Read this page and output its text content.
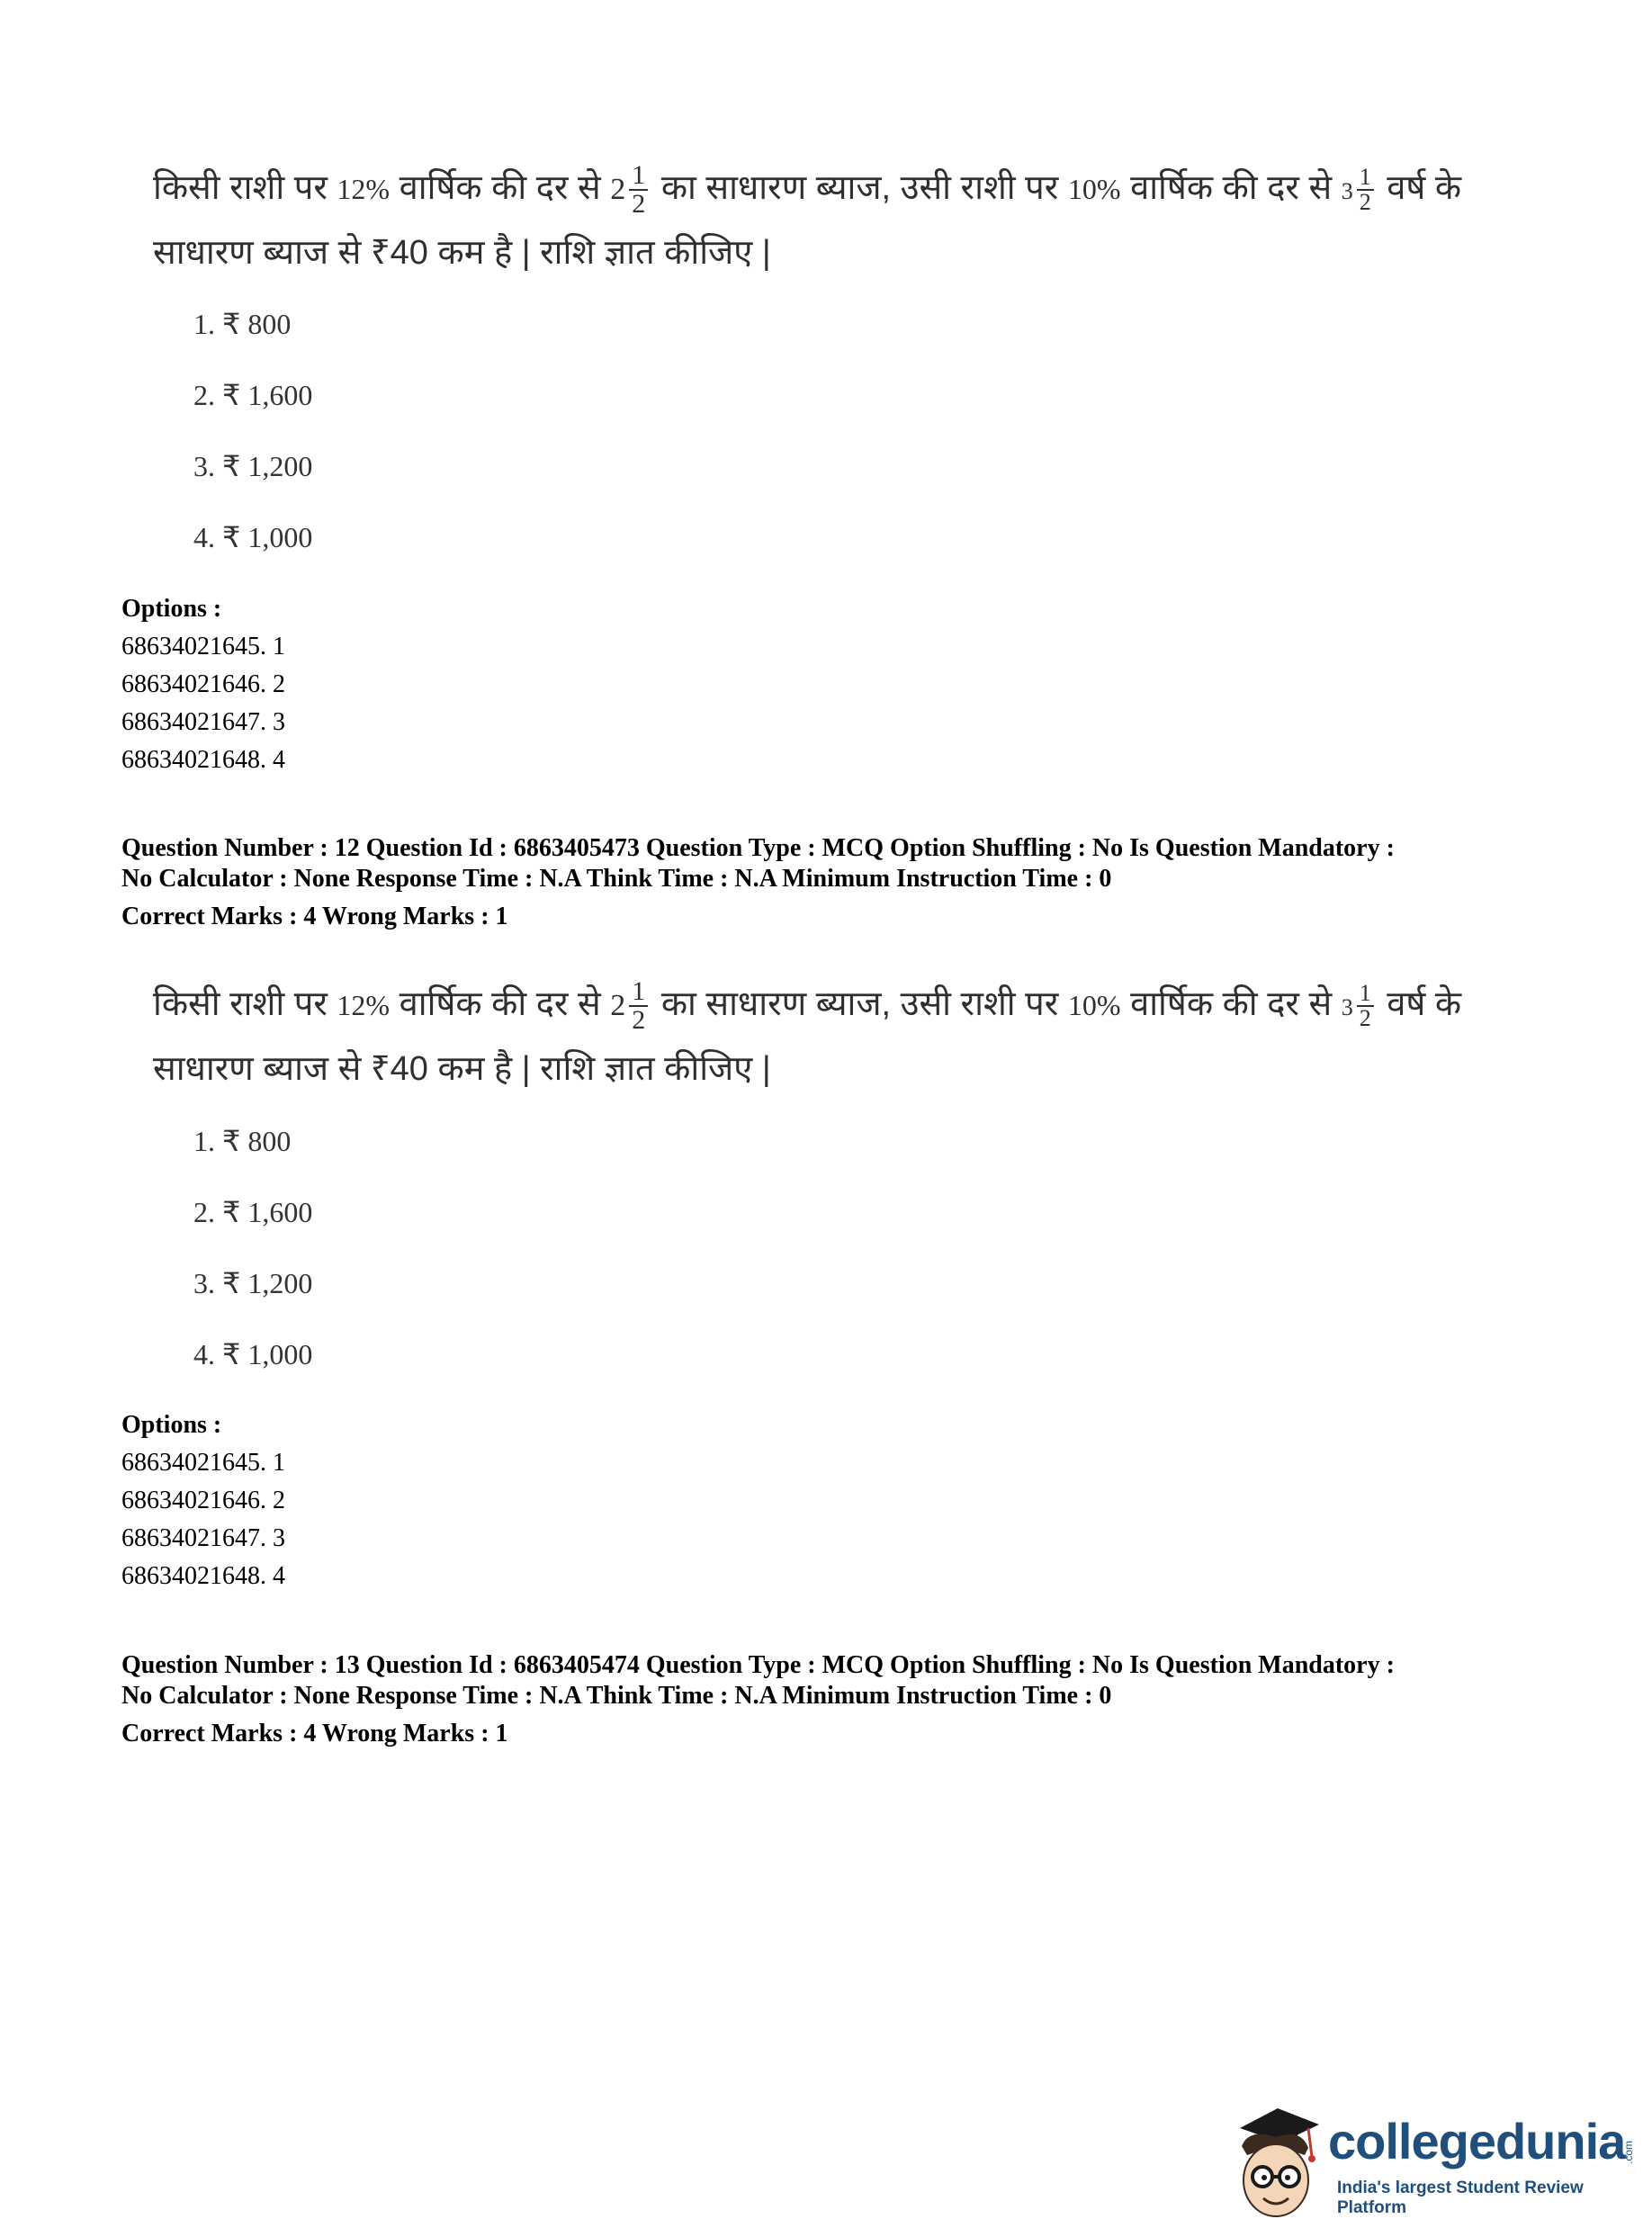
किसी राशी पर 12% वार्षिक की दर से $2 \frac{1}{2}$ का साधारण ब्याज, उसी राशी पर 10% वार्षिक की दर से $3 \frac{1}{2}$ वर्ष के
साधारण ब्याज से ₹40 कम है | राशि ज्ञात कीजिए |
1. ₹ 800
2. ₹ 1,600
3. ₹ 1,200
4. ₹ 1,000
Options :
68634021645. 1
68634021646. 2
68634021647. 3
68634021648. 4
Question Number : 12 Question Id : 6863405473 Question Type : MCQ Option Shuffling : No Is Question Mandatory :
No Calculator : None Response Time : N.A Think Time : N.A Minimum Instruction Time : 0
Correct Marks : 4 Wrong Marks : 1
किसी राशी पर 12% वार्षिक की दर से $2 \frac{1}{2}$ का साधारण ब्याज, उसी राशी पर 10% वार्षिक की दर से $3 \frac{1}{2}$ वर्ष के
साधारण ब्याज से ₹40 कम है | राशि ज्ञात कीजिए |
1. ₹ 800
2. ₹ 1,600
3. ₹ 1,200
4. ₹ 1,000
Options :
68634021645. 1
68634021646. 2
68634021647. 3
68634021648. 4
Question Number : 13 Question Id : 6863405474 Question Type : MCQ Option Shuffling : No Is Question Mandatory :
No Calculator : None Response Time : N.A Think Time : N.A Minimum Instruction Time : 0
Correct Marks : 4 Wrong Marks : 1
collegedunia
.com
India's largest Student Review Platform
